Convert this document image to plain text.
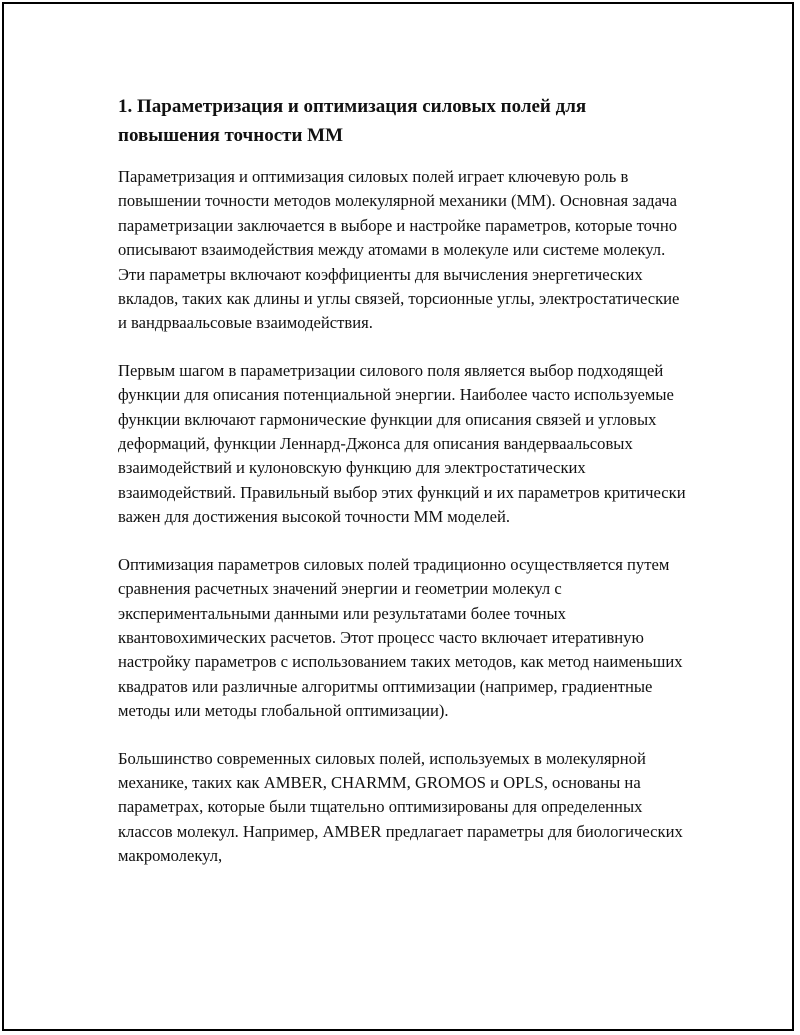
1. Параметризация и оптимизация силовых полей для повышения точности ММ

Параметризация и оптимизация силовых полей играет ключевую роль в повышении точности методов молекулярной механики (ММ). Основная задача параметризации заключается в выборе и настройке параметров, которые точно описывают взаимодействия между атомами в молекуле или системе молекул. Эти параметры включают коэффициенты для вычисления энергетических вкладов, таких как длины и углы связей, торсионные углы, электростатические и вандрваальсовые взаимодействия.

Первым шагом в параметризации силового поля является выбор подходящей функции для описания потенциальной энергии. Наиболее часто используемые функции включают гармонические функции для описания связей и угловых деформаций, функции Леннард-Джонса для описания вандерваальсовых взаимодействий и кулоновскую функцию для электростатических взаимодействий. Правильный выбор этих функций и их параметров критически важен для достижения высокой точности ММ моделей.

Оптимизация параметров силовых полей традиционно осуществляется путем сравнения расчетных значений энергии и геометрии молекул с экспериментальными данными или результатами более точных квантовохимических расчетов. Этот процесс часто включает итеративную настройку параметров с использованием таких методов, как метод наименьших квадратов или различные алгоритмы оптимизации (например, градиентные методы или методы глобальной оптимизации).

Большинство современных силовых полей, используемых в молекулярной механике, таких как AMBER, CHARMM, GROMOS и OPLS, основаны на параметрах, которые были тщательно оптимизированы для определенных классов молекул. Например, AMBER предлагает параметры для биологических макромолекул,
